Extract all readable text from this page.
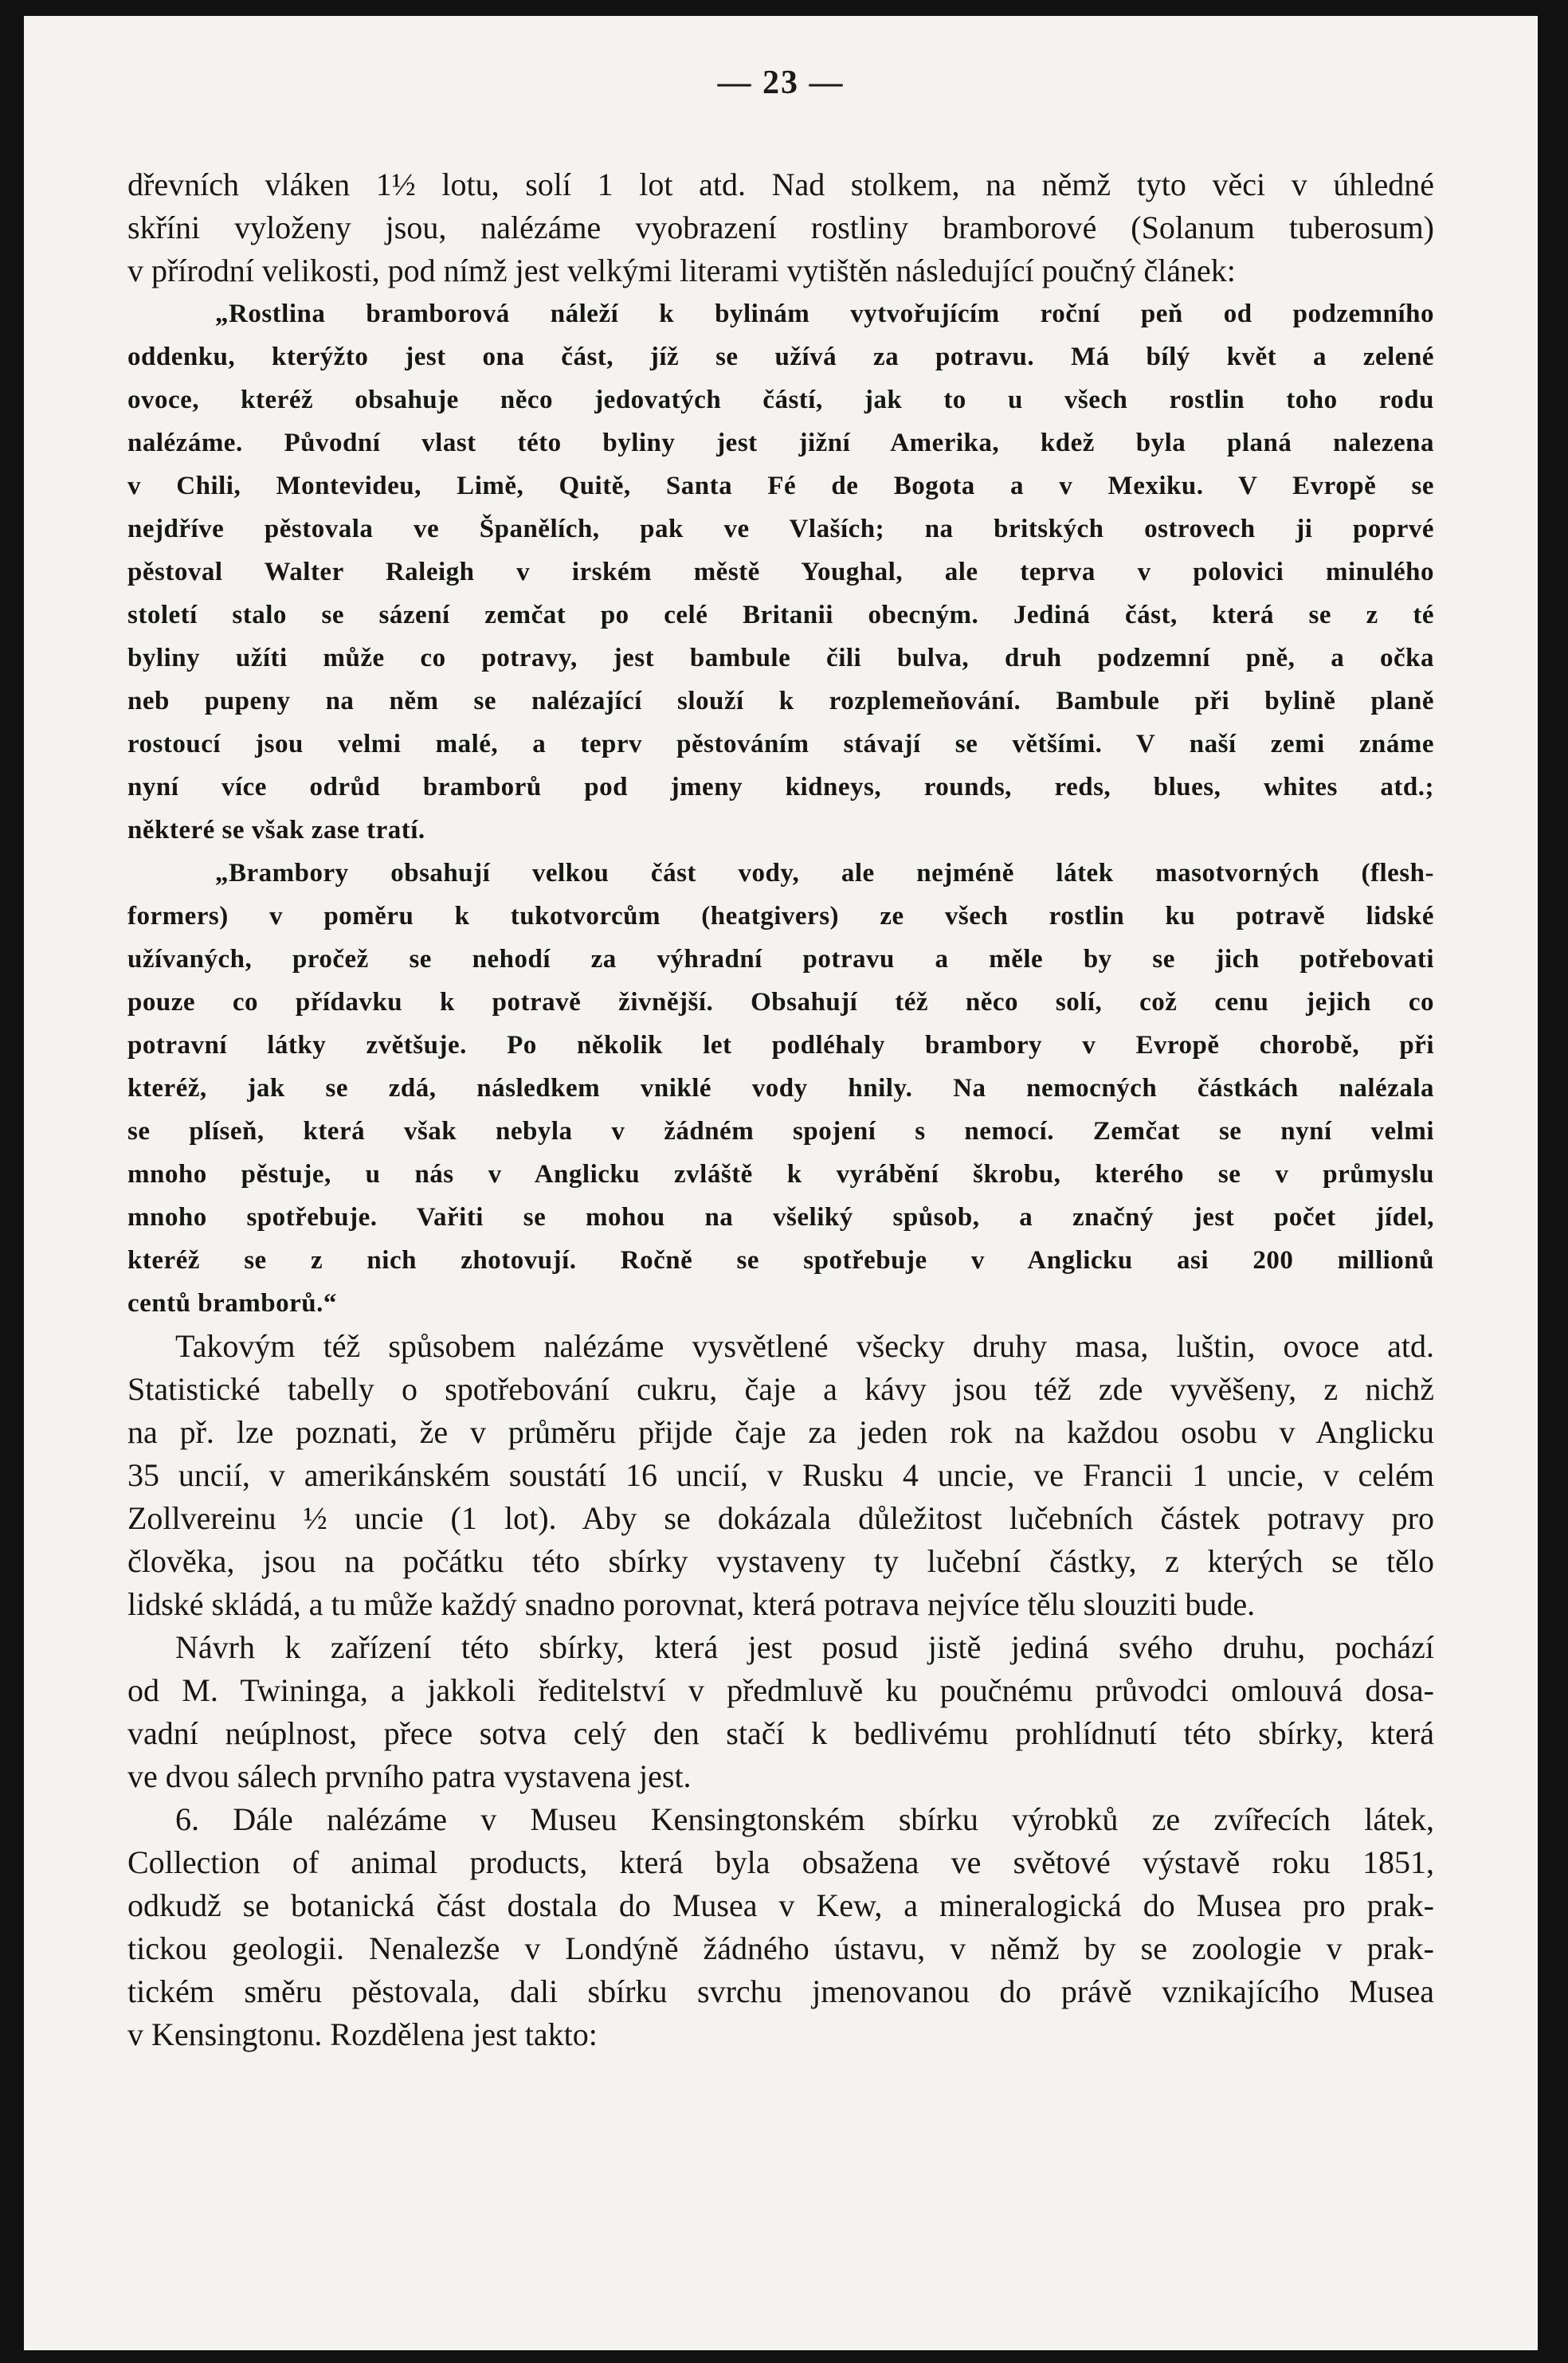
— 23 —
dřevních vláken 1½ lotu, solí 1 lot atd. Nad stolkem, na němž tyto věci v úhledné
skříni vyloženy jsou, nalézáme vyobrazení rostliny bramborové (Solanum tuberosum)
v přírodní velikosti, pod nímž jest velkými literami vytištěn následující poučný článek:
„Rostlina bramborová náleží k bylinám vytvořujícím roční peň od podzemního
oddenku, kterýžto jest ona část, jíž se užívá za potravu. Má bílý květ a zelené
ovoce, kteréž obsahuje něco jedovatých částí, jak to u všech rostlin toho rodu
nalézáme. Původní vlast této byliny jest jižní Amerika, kdež byla planá nalezena
v Chili, Montevideu, Limě, Quitě, Santa Fé de Bogota a v Mexiku. V Evropě se
nejdříve pěstovala ve Španělích, pak ve Vlaších; na britských ostrovech ji poprvé
pěstoval Walter Raleigh v irském městě Youghal, ale teprva v polovici minulého
století stalo se sázení zemčat po celé Britanii obecným. Jediná část, která se z té
byliny užíti může co potravy, jest bambule čili bulva, druh podzemní pně, a očka
neb pupeny na něm se nalézající slouží k rozplemeňování. Bambule při bylině planě
rostoucí jsou velmi malé, a teprv pěstováním stávají se většími. V naší zemi známe
nyní více odrůd bramborů pod jmeny kidneys, rounds, reds, blues, whites atd.;
některé se však zase tratí.
„Brambory obsahují velkou část vody, ale nejméně látek masotvorných (flesh-
formers) v poměru k tukotvorcům (heatgivers) ze všech rostlin ku potravě lidské
užívaných, pročež se nehodí za výhradní potravu a měle by se jich potřebovati
pouze co přídavku k potravě živnější. Obsahují též něco solí, což cenu jejich co
potravní látky zvětšuje. Po několik let podléhaly brambory v Evropě chorobě, při
kteréž, jak se zdá, následkem vniklé vody hnily. Na nemocných částkách nalézala
se plíseň, která však nebyla v žádném spojení s nemocí. Zemčat se nyní velmi
mnoho pěstuje, u nás v Anglicku zvláště k vyrábění škrobu, kterého se v průmyslu
mnoho spotřebuje. Vařiti se mohou na všeliký spůsob, a značný jest počet jídel,
kteréž se z nich zhotovují. Ročně se spotřebuje v Anglicku asi 200 millionů
centů bramborů.“
Takovým též spůsobem nalézáme vysvětlené všecky druhy masa, luštin, ovoce atd.
Statistické tabelly o spotřebování cukru, čaje a kávy jsou též zde vyvěšeny, z nichž
na př. lze poznati, že v průměru přijde čaje za jeden rok na každou osobu v Anglicku
35 uncií, v amerikánském soustátí 16 uncií, v Rusku 4 uncie, ve Francii 1 uncie, v celém
Zollvereinu ½ uncie (1 lot). Aby se dokázala důležitost lučebních částek potravy pro
člověka, jsou na počátku této sbírky vystaveny ty lučební částky, z kterých se tělo
lidské skládá, a tu může každý snadno porovnat, která potrava nejvíce tělu slouziti bude.
Návrh k zařízení této sbírky, která jest posud jistě jediná svého druhu, pochází
od M. Twininga, a jakkoli ředitelství v předmluvě ku poučnému průvodci omlouvá dosa-
vadní neúplnost, přece sotva celý den stačí k bedlivému prohlídnutí této sbírky, která
ve dvou sálech prvního patra vystavena jest.
6. Dále nalézáme v Museu Kensingtonském sbírku výrobků ze zvířecích látek,
Collection of animal products, která byla obsažena ve světové výstavě roku 1851,
odkudž se botanická část dostala do Musea v Kew, a mineralogická do Musea pro prak-
tickou geologii. Nenalezše v Londýně žádného ústavu, v němž by se zoologie v prak-
tickém směru pěstovala, dali sbírku svrchu jmenovanou do právě vznikajícího Musea
v Kensingtonu. Rozdělena jest takto:
